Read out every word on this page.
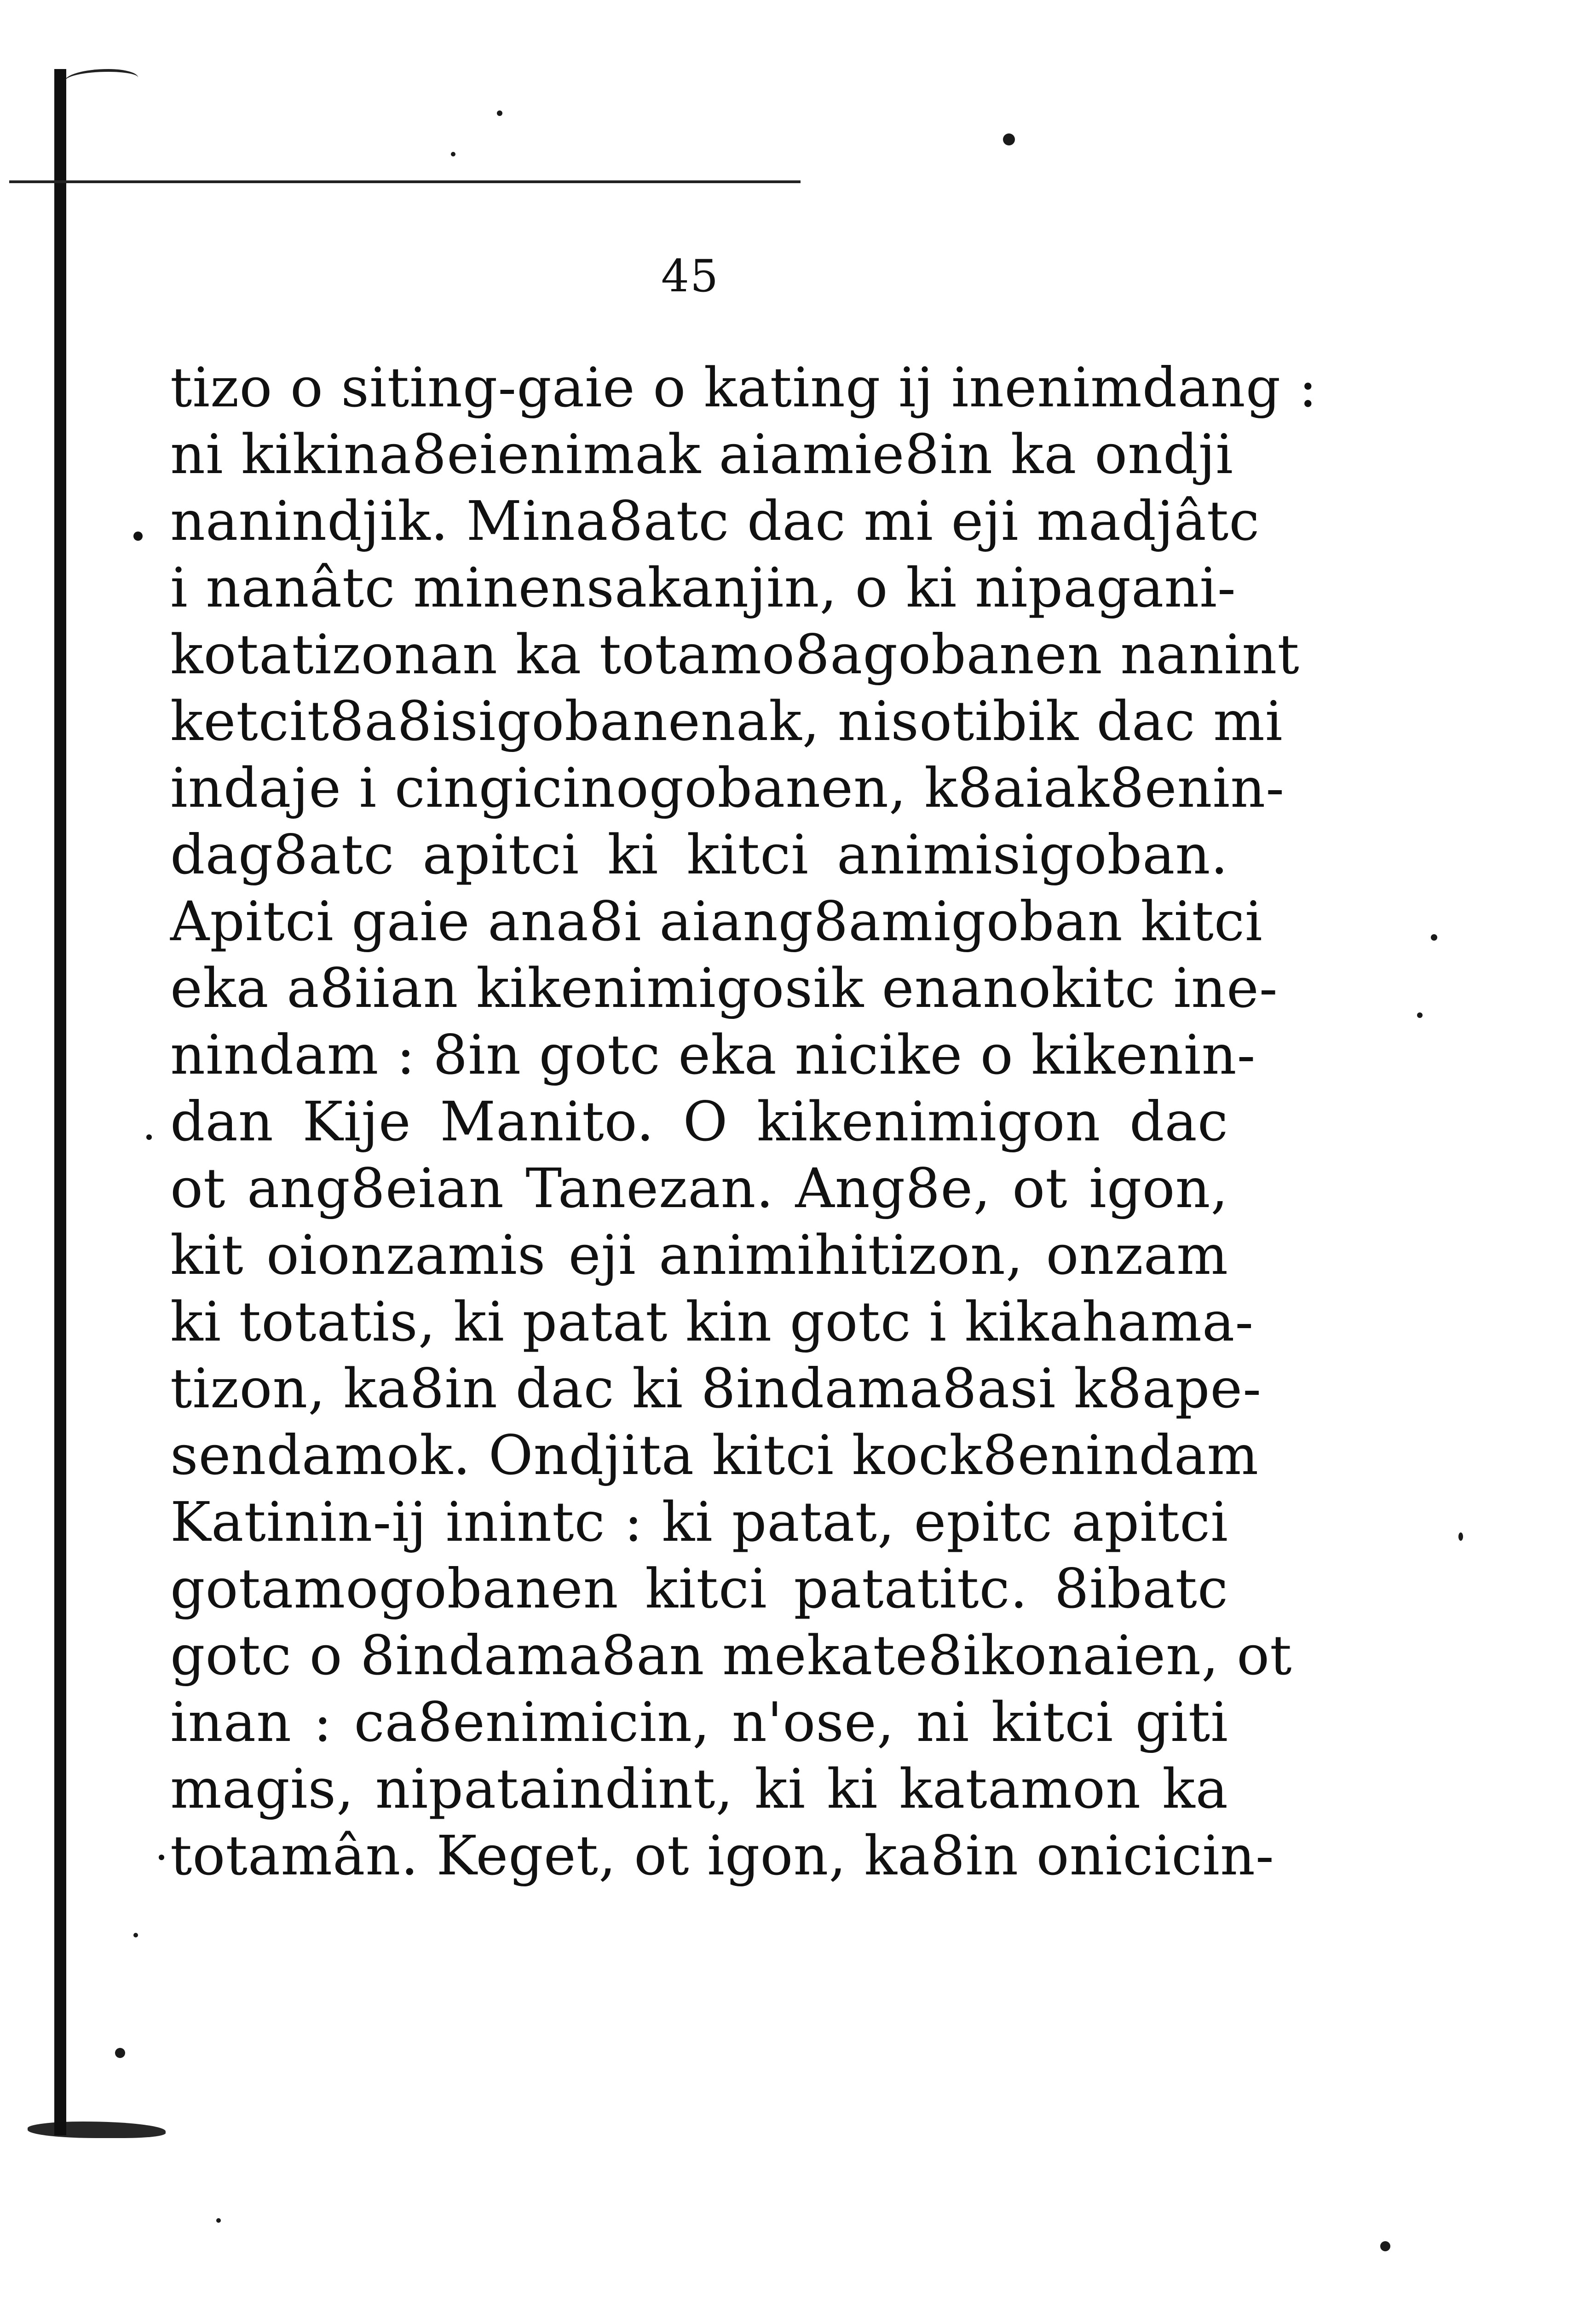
45
tizo o siting-gaie o kating ij inenimdang :
ni kikina8eienimak aiamie8in ka ondji
nanindjik. Mina8atc dac mi eji madjâtc
i nanâtc minensakanjin, o ki nipagani-
kotatizonan ka totamo8agobanen nanint
ketcit8a8isigobanenak, nisotibik dac mi
indaje i cingicinogobanen, k8aiak8enin-
dag8atc apitci ki kitci animisigoban.
Apitci gaie ana8i aiang8amigoban kitci
eka a8iian kikenimigosik enanokitc ine-
nindam : 8in gotc eka nicike o kikenin-
dan Kije Manito. O kikenimigon dac
ot ang8eian Tanezan. Ang8e, ot igon,
kit oionzamis eji animihitizon, onzam
ki totatis, ki patat kin gotc i kikahama-
tizon, ka8in dac ki 8indama8asi k8ape-
sendamok. Ondjita kitci kock8enindam
Katinin-ij inintc : ki patat, epitc apitci
gotamogobanen kitci patatitc. 8ibatc
gotc o 8indama8an mekate8ikonaien, ot
inan : ca8enimicin, n'ose, ni kitci giti
magis, nipataindint, ki ki katamon ka
totamân. Keget, ot igon, ka8in onicicin-
